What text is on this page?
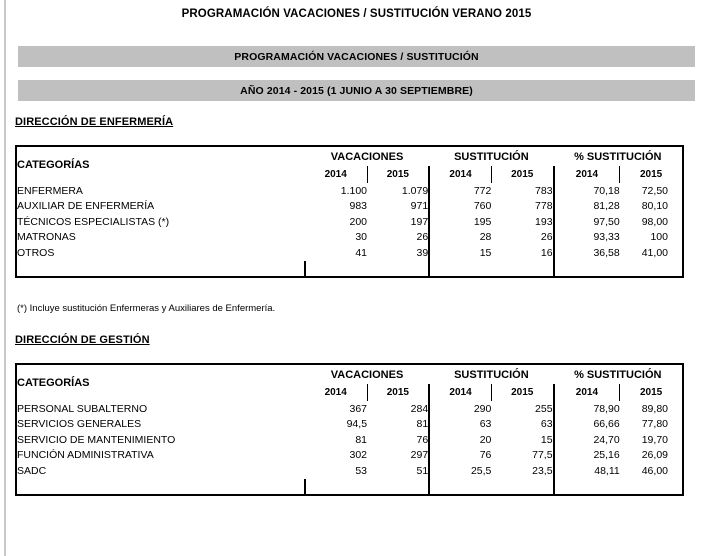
PROGRAMACIÓN VACACIONES / SUSTITUCIÓN VERANO 2015
PROGRAMACIÓN VACACIONES / SUSTITUCIÓN
AÑO 2014 - 2015 (1 JUNIO A 30 SEPTIEMBRE)
DIRECCIÓN DE ENFERMERÍA
CATEGORÍAS	VACACIONES		SUSTITUCIÓN		% SUSTITUCIÓN	
	2014	2015	2014	2015	2014	2015
ENFERMERA	1.100	1.079	772	783	70,18	72,50
AUXILIAR DE ENFERMERÍA	983	971	760	778	81,28	80,10
TÉCNICOS ESPECIALISTAS (*)	200	197	195	193	97,50	98,00
MATRONAS	30	26	28	26	93,33	100
OTROS	41	39	15	16	36,58	41,00

(*) Incluye sustitución Enfermeras y Auxiliares de Enfermería.
DIRECCIÓN DE GESTIÓN
CATEGORÍAS	VACACIONES		SUSTITUCIÓN		% SUSTITUCIÓN	
	2014	2015	2014	2015	2014	2015
PERSONAL SUBALTERNO	367	284	290	255	78,90	89,80
SERVICIOS GENERALES	94,5	81	63	63	66,66	77,80
SERVICIO DE MANTENIMIENTO	81	76	20	15	24,70	19,70
FUNCIÓN ADMINISTRATIVA	302	297	76	77,5	25,16	26,09
SADC	53	51	25,5	23,5	48,11	46,00
